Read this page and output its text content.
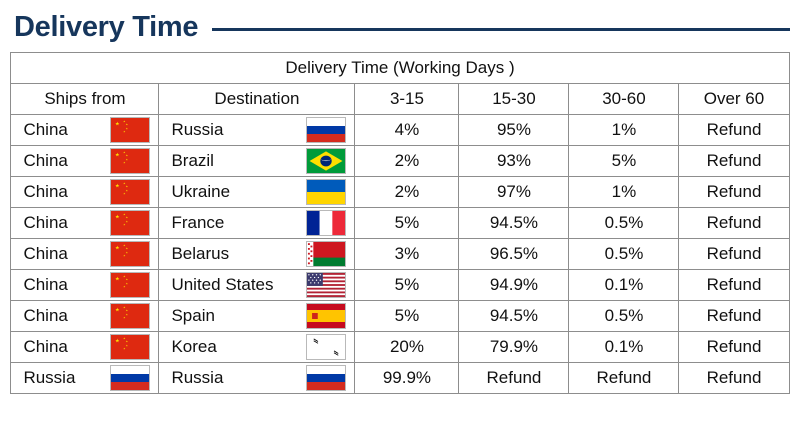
Delivery Time
Delivery Time (Working Days )					
Ships from	Destination	3-15	15-30	30-60	Over 60

China	Russia	4%	95%	1%	Refund

China	Brazil	2%	93%	5%	Refund

China	Ukraine	2%	97%	1%	Refund

China	France	5%	94.5%	0.5%	Refund

China	Belarus	3%	96.5%	0.5%	Refund

China	United States	5%	94.9%	0.1%	Refund

China	Spain	5%	94.5%	0.5%	Refund

China	Korea	20%	79.9%	0.1%	Refund

Russia	Russia	99.9%	Refund	Refund	Refund
